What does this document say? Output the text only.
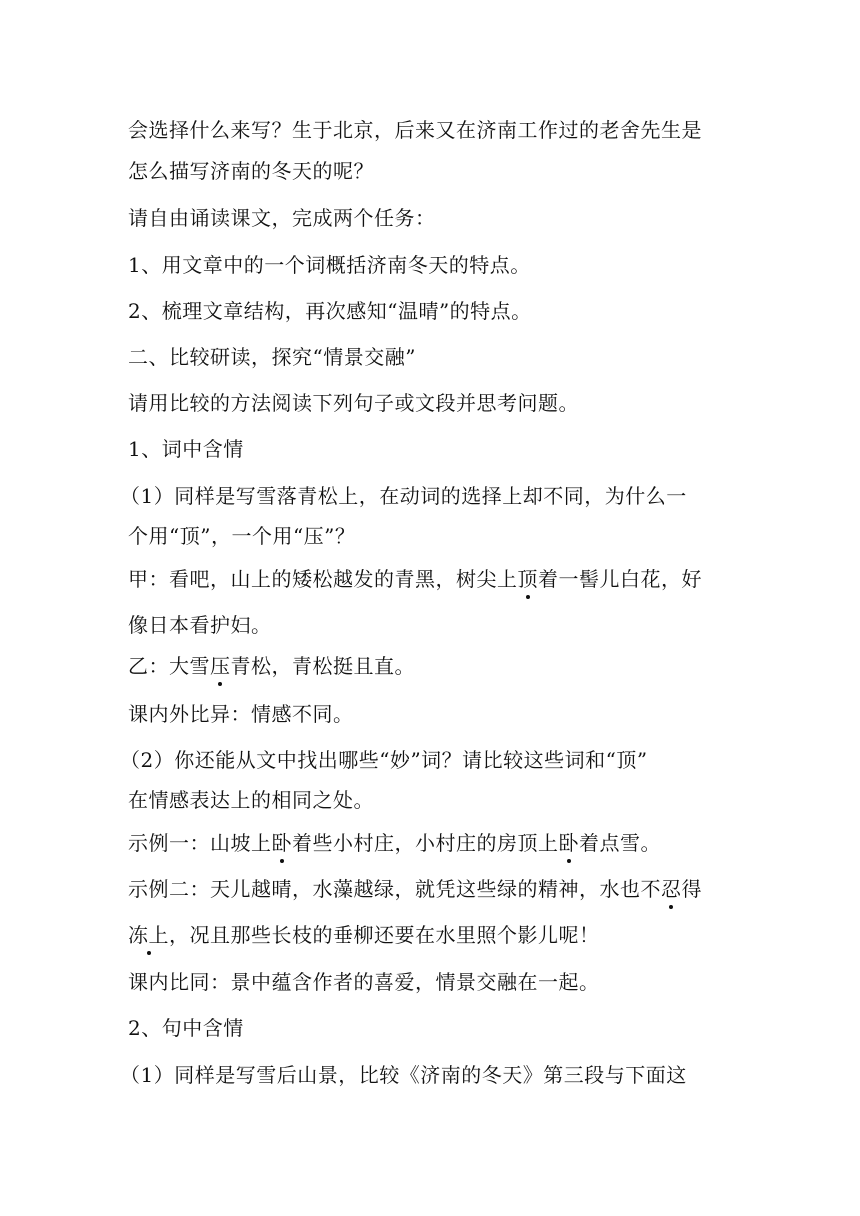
会选择什么来写？生于北京，后来又在济南工作过的老舍先生是
怎么描写济南的冬天的呢？
请自由诵读课文，完成两个任务：
1、用文章中的一个词概括济南冬天的特点。
2、梳理文章结构，再次感知“温晴”的特点。
二、比较研读，探究“情景交融”
请用比较的方法阅读下列句子或文段并思考问题。
1、词中含情
（1）同样是写雪落青松上，在动词的选择上却不同，为什么一
个用“顶”，一个用“压”？
甲：看吧，山上的矮松越发的青黑，树尖上顶着一髻儿白花，好
像日本看护妇。
乙：大雪压青松，青松挺且直。
课内外比异：情感不同。
（2）你还能从文中找出哪些“妙”词？请比较这些词和“顶”
在情感表达上的相同之处。
示例一：山坡上卧着些小村庄，小村庄的房顶上卧着点雪。
示例二：天儿越晴，水藻越绿，就凭这些绿的精神，水也不忍得
冻上，况且那些长枝的垂柳还要在水里照个影儿呢！
课内比同：景中蕴含作者的喜爱，情景交融在一起。
2、句中含情
（1）同样是写雪后山景，比较《济南的冬天》第三段与下面这
